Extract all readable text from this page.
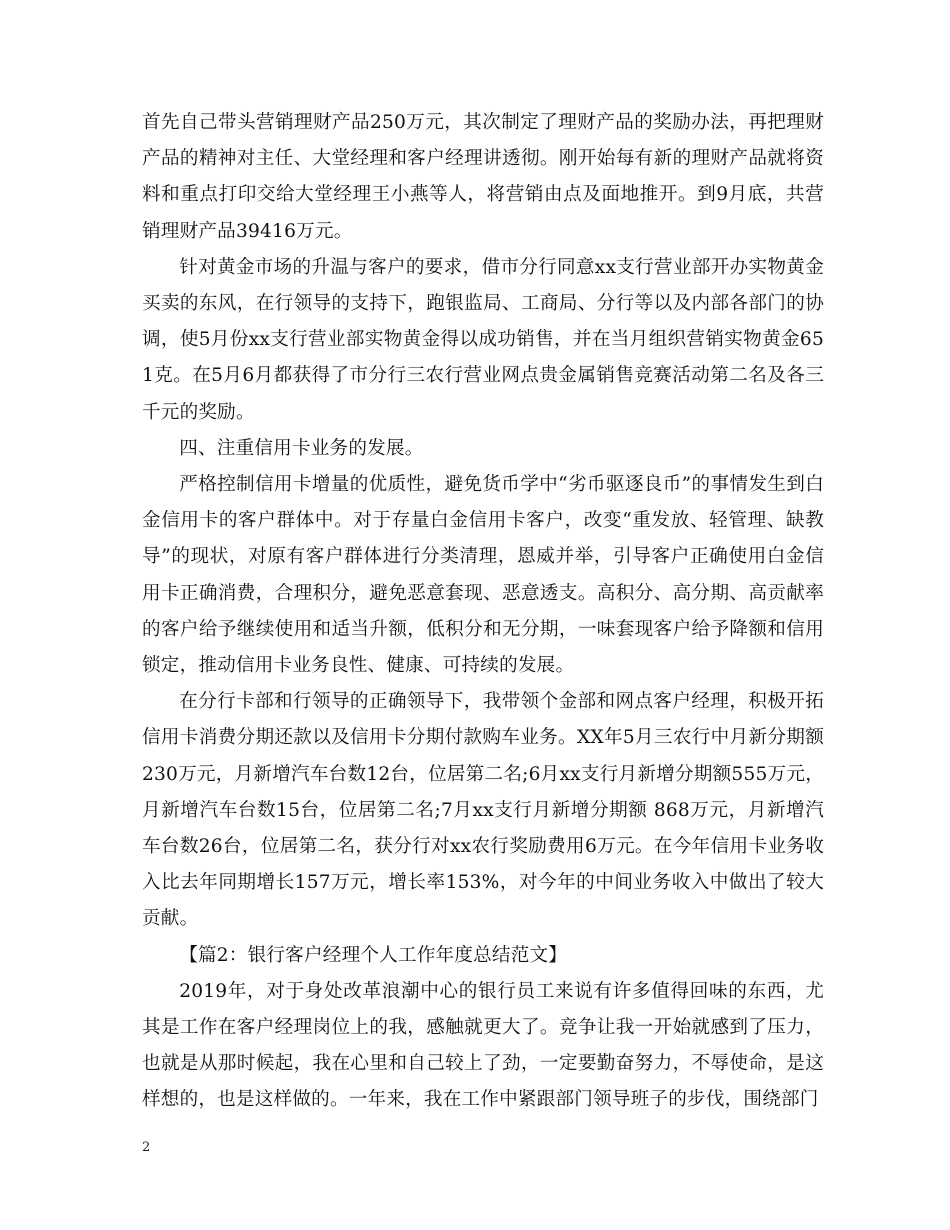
首先自己带头营销理财产品250万元，其次制定了理财产品的奖励办法，再把理财产品的精神对主任、大堂经理和客户经理讲透彻。刚开始每有新的理财产品就将资料和重点打印交给大堂经理王小燕等人，将营销由点及面地推开。到9月底，共营销理财产品39416万元。

针对黄金市场的升温与客户的要求，借市分行同意xx支行营业部开办实物黄金买卖的东风，在行领导的支持下，跑银监局、工商局、分行等以及内部各部门的协调，使5月份xx支行营业部实物黄金得以成功销售，并在当月组织营销实物黄金651克。在5月6月都获得了市分行三农行营业网点贵金属销售竞赛活动第二名及各三千元的奖励。

四、注重信用卡业务的发展。

严格控制信用卡增量的优质性，避免货币学中“劣币驱逐良币”的事情发生到白金信用卡的客户群体中。对于存量白金信用卡客户，改变“重发放、轻管理、缺教导”的现状，对原有客户群体进行分类清理，恩威并举，引导客户正确使用白金信用卡正确消费，合理积分，避免恶意套现、恶意透支。高积分、高分期、高贡献率的客户给予继续使用和适当升额，低积分和无分期，一味套现客户给予降额和信用锁定，推动信用卡业务良性、健康、可持续的发展。

在分行卡部和行领导的正确领导下，我带领个金部和网点客户经理，积极开拓信用卡消费分期还款以及信用卡分期付款购车业务。XX年5月三农行中月新分期额230万元，月新增汽车台数12台，位居第二名;6月xx支行月新增分期额555万元，月新增汽车台数15台，位居第二名;7月xx支行月新增分期额 868万元，月新增汽车台数26台，位居第二名，获分行对xx农行奖励费用6万元。在今年信用卡业务收入比去年同期增长157万元，增长率153%，对今年的中间业务收入中做出了较大贡献。

【篇2：银行客户经理个人工作年度总结范文】

2019年，对于身处改革浪潮中心的银行员工来说有许多值得回味的东西，尤其是工作在客户经理岗位上的我，感触就更大了。竞争让我一开始就感到了压力，也就是从那时候起，我在心里和自己较上了劲，一定要勤奋努力，不辱使命，是这样想的，也是这样做的。一年来，我在工作中紧跟部门领导班子的步伐，围绕部门

2
